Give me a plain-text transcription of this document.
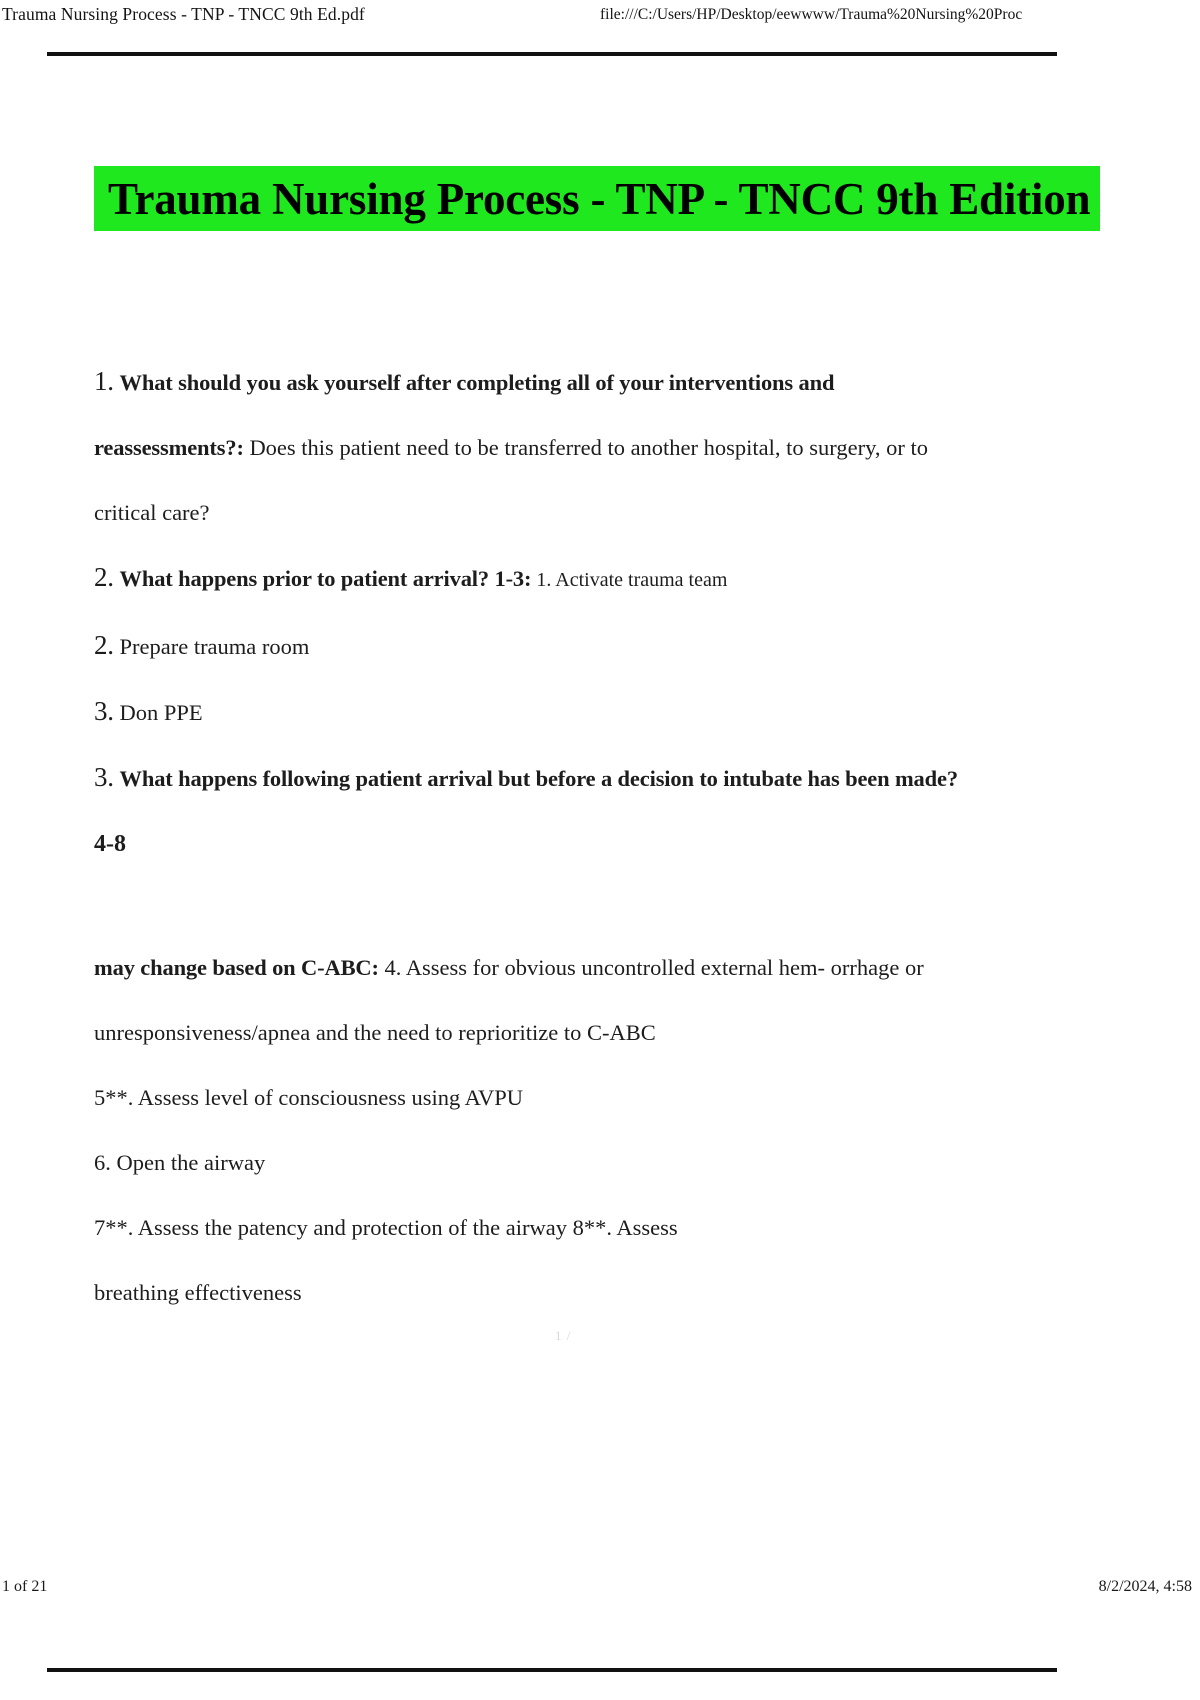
Trauma Nursing Process - TNP - TNCC 9th Ed.pdf	file:///C:/Users/HP/Desktop/eewwww/Trauma%20Nursing%20Proc
Trauma Nursing Process - TNP - TNCC 9th Edition

1. What should you ask yourself after completing all of your interventions and

reassessments?: Does this patient need to be transferred to another hospital, to surgery, or to

critical care?

2. What happens prior to patient arrival? 1-3: 1. Activate trauma team

2. Prepare trauma room

3. Don PPE

3. What happens following patient arrival but before a decision to intubate has been made?

4-8

may change based on C-ABC: 4. Assess for obvious uncontrolled external hem- orrhage or

unresponsiveness/apnea and the need to reprioritize to C-ABC

5**. Assess level of consciousness using AVPU

6. Open the airway

7**. Assess the patency and protection of the airway 8**. Assess

breathing effectiveness

1 /
1 of 21	8/2/2024, 4:58
